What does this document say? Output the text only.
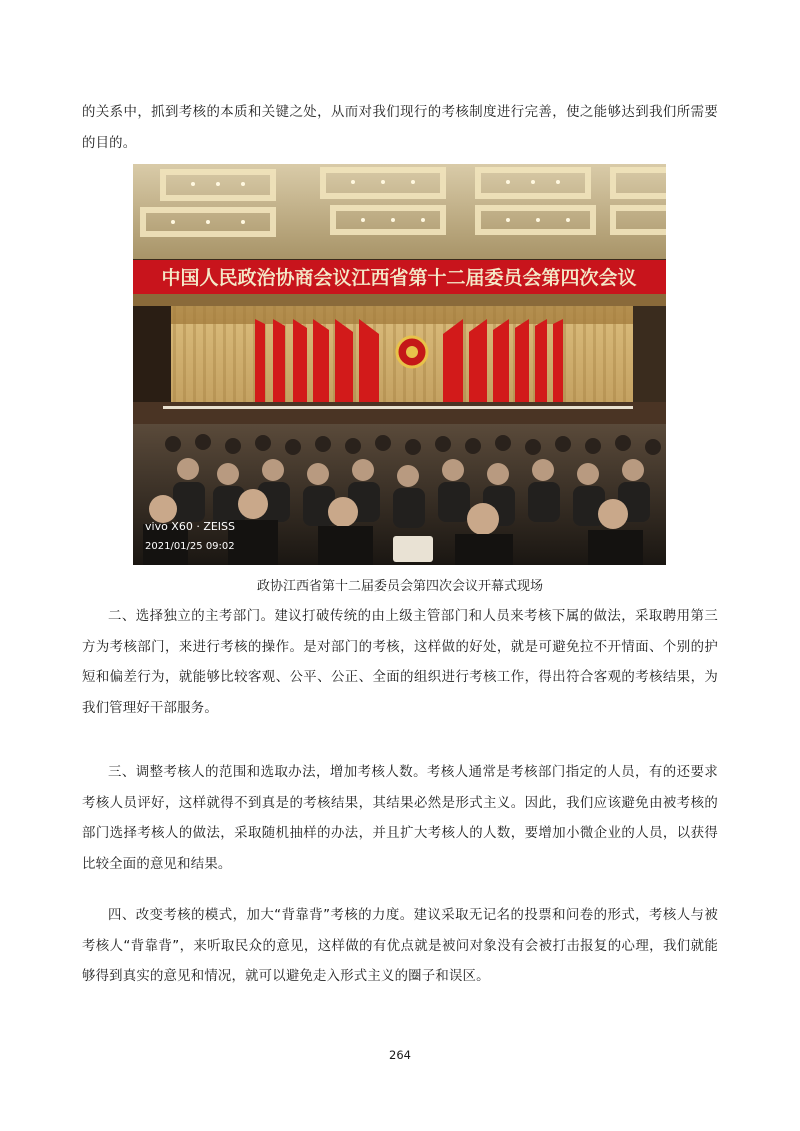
的关系中，抓到考核的本质和关键之处，从而对我们现行的考核制度进行完善，使之能够达到我们所需要的目的。

中国人民政治协商会议江西省第十二届委员会第四次会议
vivo X60 · ZEISS
2021/01/25 09:02

政协江西省第十二届委员会第四次会议开幕式现场

二、选择独立的主考部门。建议打破传统的由上级主管部门和人员来考核下属的做法，采取聘用第三方为考核部门，来进行考核的操作。是对部门的考核，这样做的好处，就是可避免拉不开情面、个别的护短和偏差行为，就能够比较客观、公平、公正、全面的组织进行考核工作，得出符合客观的考核结果，为我们管理好干部服务。

三、调整考核人的范围和选取办法，增加考核人数。考核人通常是考核部门指定的人员，有的还要求考核人员评好，这样就得不到真是的考核结果，其结果必然是形式主义。因此，我们应该避免由被考核的部门选择考核人的做法，采取随机抽样的办法，并且扩大考核人的人数，要增加小微企业的人员，以获得比较全面的意见和结果。

四、改变考核的模式，加大“背靠背”考核的力度。建议采取无记名的投票和问卷的形式，考核人与被考核人“背靠背”，来听取民众的意见，这样做的有优点就是被问对象没有会被打击报复的心理，我们就能够得到真实的意见和情况，就可以避免走入形式主义的圈子和误区。

264
